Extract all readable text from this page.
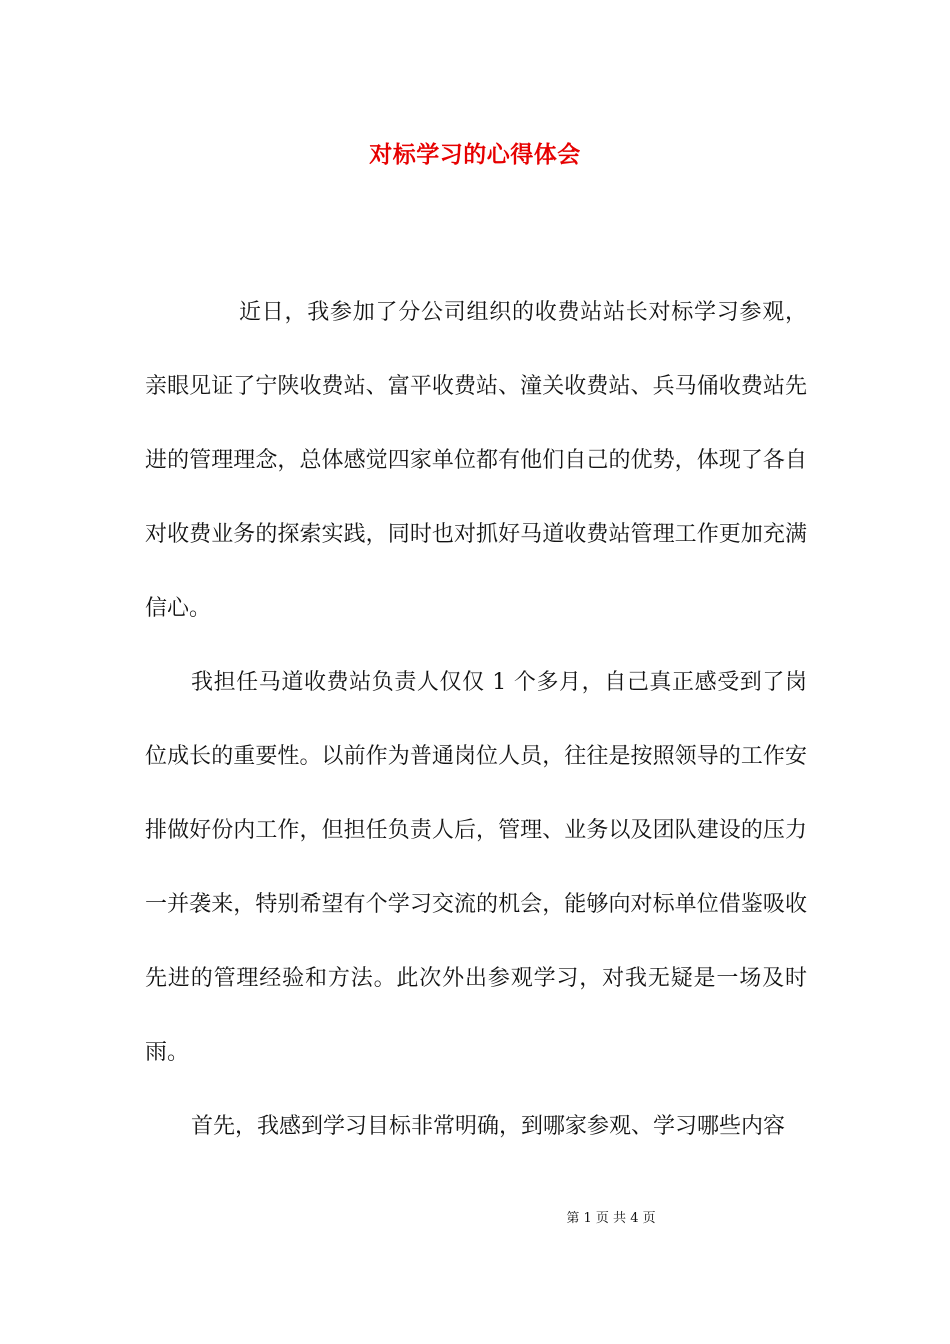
对标学习的心得体会

近日，我参加了分公司组织的收费站站长对标学习参观，亲眼见证了宁陕收费站、富平收费站、潼关收费站、兵马俑收费站先进的管理理念，总体感觉四家单位都有他们自己的优势，体现了各自对收费业务的探索实践，同时也对抓好马道收费站管理工作更加充满信心。

我担任马道收费站负责人仅仅 1 个多月，自己真正感受到了岗位成长的重要性。以前作为普通岗位人员，往往是按照领导的工作安排做好份内工作，但担任负责人后，管理、业务以及团队建设的压力一并袭来，特别希望有个学习交流的机会，能够向对标单位借鉴吸收先进的管理经验和方法。此次外出参观学习，对我无疑是一场及时雨。

首先，我感到学习目标非常明确，到哪家参观、学习哪些内容

第 1 页 共 4 页
